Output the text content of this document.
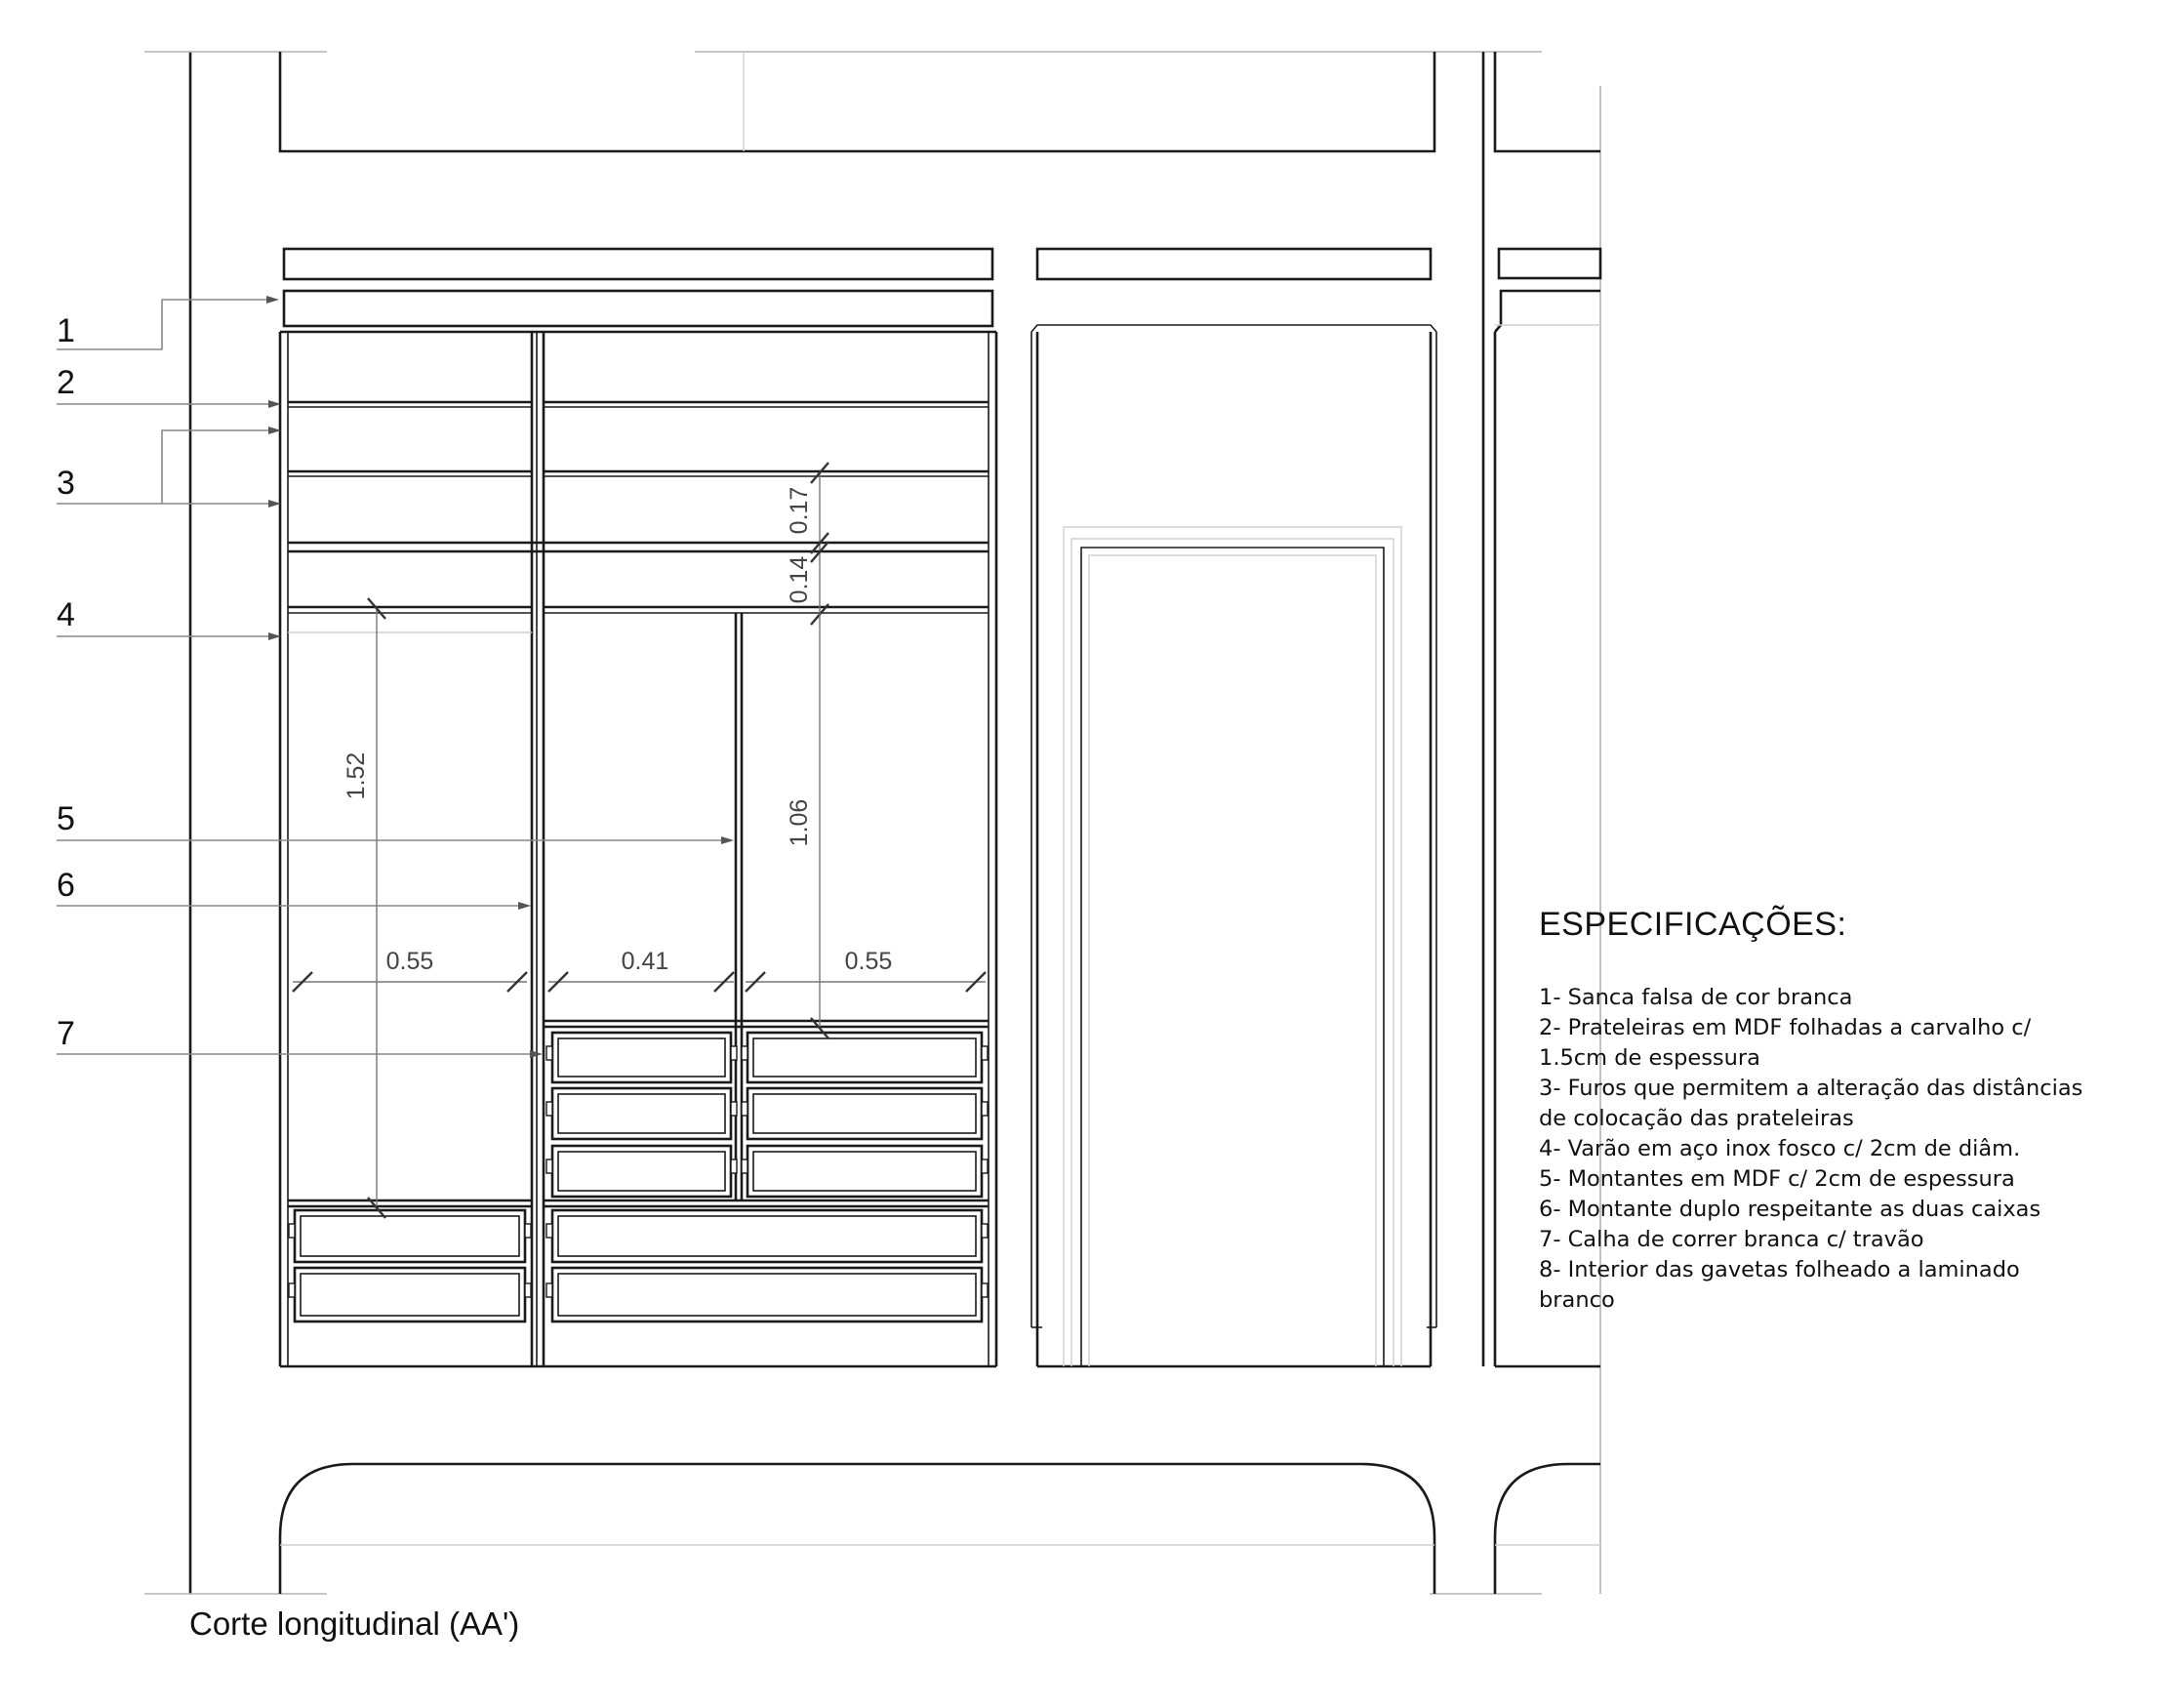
1
2
3
4
5
6
7
0.17
0.14
1.52
1.06
0.55	0.41	0.55
ESPECIFICAÇÕES:
1- Sanca falsa de cor branca
2- Prateleiras em MDF folhadas a carvalho c/
1.5cm de espessura
3- Furos que permitem a alteração das distâncias
de colocação das prateleiras
4- Varão em aço inox fosco c/ 2cm de diâm.
5- Montantes em MDF c/ 2cm de espessura
6- Montante duplo respeitante as duas caixas
7- Calha de correr branca c/ travão
8- Interior das gavetas folheado a laminado
branco
Corte longitudinal (AA')
